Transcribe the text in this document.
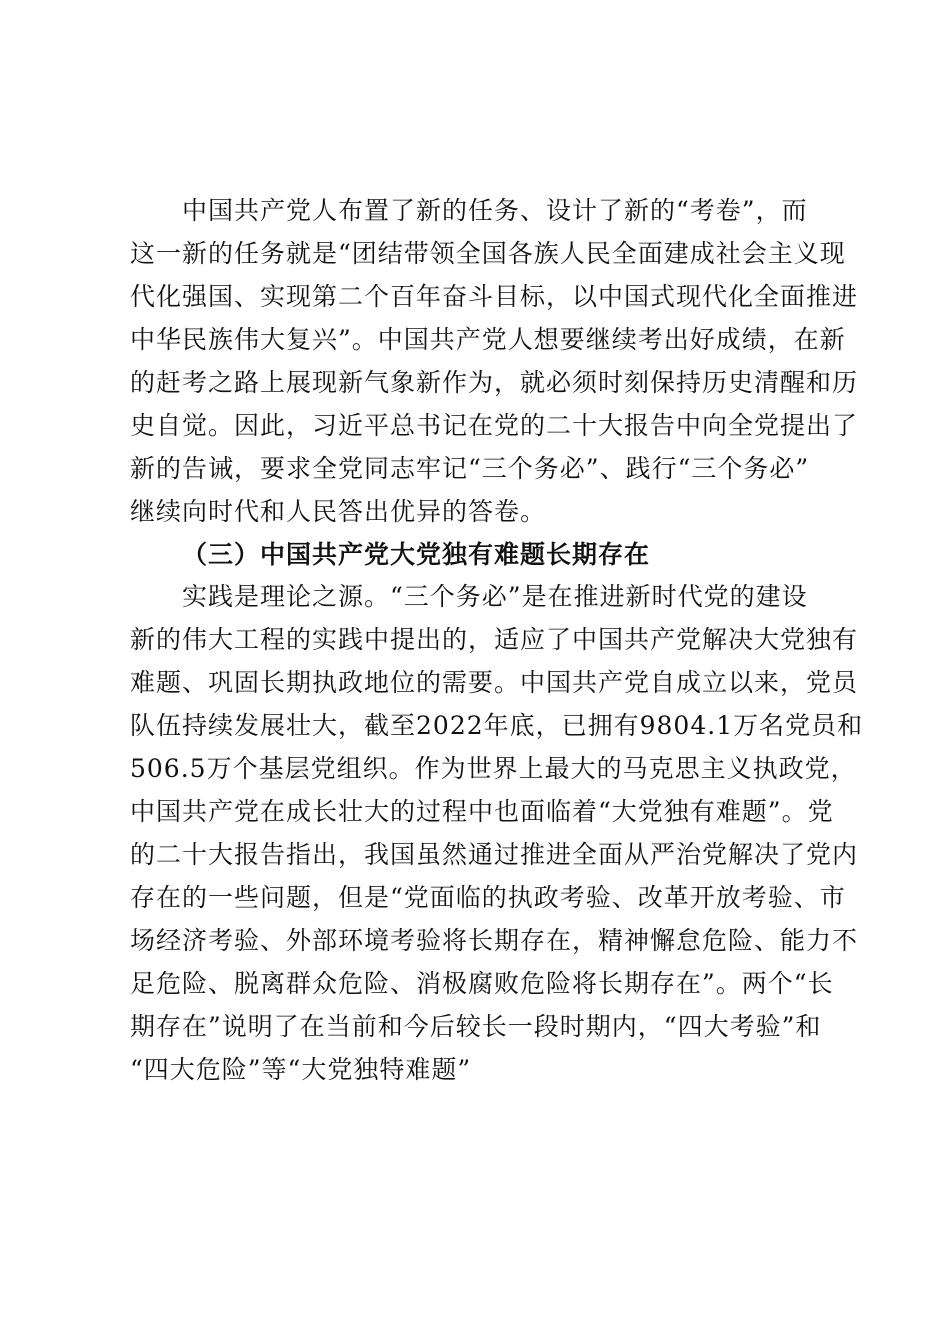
中国共产党人布置了新的任务、设计了新的“考卷”，而
这一新的任务就是“团结带领全国各族人民全面建成社会主义现
代化强国、实现第二个百年奋斗目标，以中国式现代化全面推进
中华民族伟大复兴”。中国共产党人想要继续考出好成绩，在新
的赶考之路上展现新气象新作为，就必须时刻保持历史清醒和历
史自觉。因此，习近平总书记在党的二十大报告中向全党提出了
新的告诫，要求全党同志牢记“三个务必”、践行“三个务必”
继续向时代和人民答出优异的答卷。
（三）中国共产党大党独有难题长期存在
实践是理论之源。“三个务必”是在推进新时代党的建设
新的伟大工程的实践中提出的，适应了中国共产党解决大党独有
难题、巩固长期执政地位的需要。中国共产党自成立以来，党员
队伍持续发展壮大，截至2022年底，已拥有9804.1万名党员和
506.5万个基层党组织。作为世界上最大的马克思主义执政党，
中国共产党在成长壮大的过程中也面临着“大党独有难题”。党
的二十大报告指出，我国虽然通过推进全面从严治党解决了党内
存在的一些问题，但是“党面临的执政考验、改革开放考验、市
场经济考验、外部环境考验将长期存在，精神懈怠危险、能力不
足危险、脱离群众危险、消极腐败危险将长期存在”。两个“长
期存在”说明了在当前和今后较长一段时期内，“四大考验”和
“四大危险”等“大党独特难题”
